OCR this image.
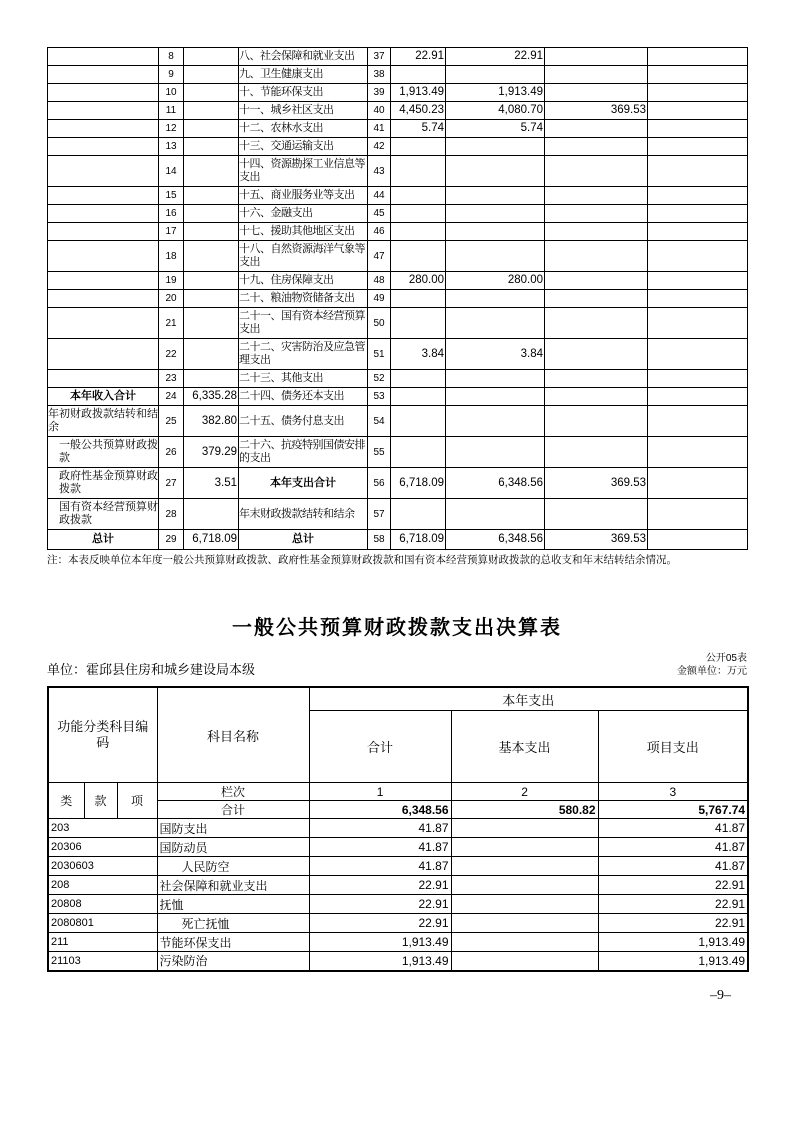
	8		八、社会保障和就业支出	37	22.91	22.91		
	9		九、卫生健康支出	38				
	10		十、节能环保支出	39	1,913.49	1,913.49		
	11		十一、城乡社区支出	40	4,450.23	4,080.70	369.53	
	12		十二、农林水支出	41	5.74	5.74		
	13		十三、交通运输支出	42				
	14		十四、资源勘探工业信息等支出	43				
	15		十五、商业服务业等支出	44				
	16		十六、金融支出	45				
	17		十七、援助其他地区支出	46				
	18		十八、自然资源海洋气象等支出	47				
	19		十九、住房保障支出	48	280.00	280.00		
	20		二十、粮油物资储备支出	49				
	21		二十一、国有资本经营预算支出	50				
	22		二十二、灾害防治及应急管理支出	51	3.84	3.84		
	23		二十三、其他支出	52				
本年收入合计	24	6,335.28	二十四、债务还本支出	53				
年初财政拨款结转和结余	25	382.80	二十五、债务付息支出	54				
一般公共预算财政拨款	26	379.29	二十六、抗疫特别国债安排的支出	55				
政府性基金预算财政拨款	27	3.51	本年支出合计	56	6,718.09	6,348.56	369.53	
国有资本经营预算财政拨款	28		年末财政拨款结转和结余	57				
总计	29	6,718.09	总计	58	6,718.09	6,348.56	369.53	
注：本表反映单位本年度一般公共预算财政拨款、政府性基金预算财政拨款和国有资本经营预算财政拨款的总收支和年末结转结余情况。
一般公共预算财政拨款支出决算表
单位：霍邱县住房和城乡建设局本级
公开05表
金额单位：万元
功能分类科目编码			科目名称	本年支出		
				合计	基本支出	项目支出
类	款	项	栏次	1	2	3
			合计	6,348.56	580.82	5,767.74
203			国防支出	41.87		41.87
20306			国防动员	41.87		41.87
2030603			人民防空	41.87		41.87
208			社会保障和就业支出	22.91		22.91
20808			抚恤	22.91		22.91
2080801			死亡抚恤	22.91		22.91
211			节能环保支出	1,913.49		1,913.49
21103			污染防治	1,913.49		1,913.49
–9–
